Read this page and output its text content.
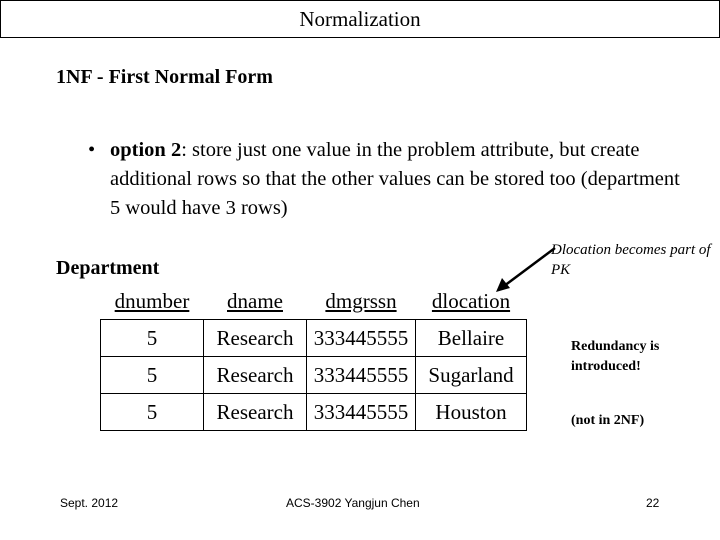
Normalization
1NF - First Normal Form
• option 2: store just one value in the problem attribute, but create additional rows so that the other values can be stored too (department 5 would have 3 rows)
Department
dnumber	dname	dmgrssn	dlocation
5	Research	333445555	Bellaire
5	Research	333445555	Sugarland
5	Research	333445555	Houston
Dlocation becomes part of PK
Redundancy is introduced!
(not in 2NF)
Sept. 2012	ACS-3902 Yangjun Chen	22
